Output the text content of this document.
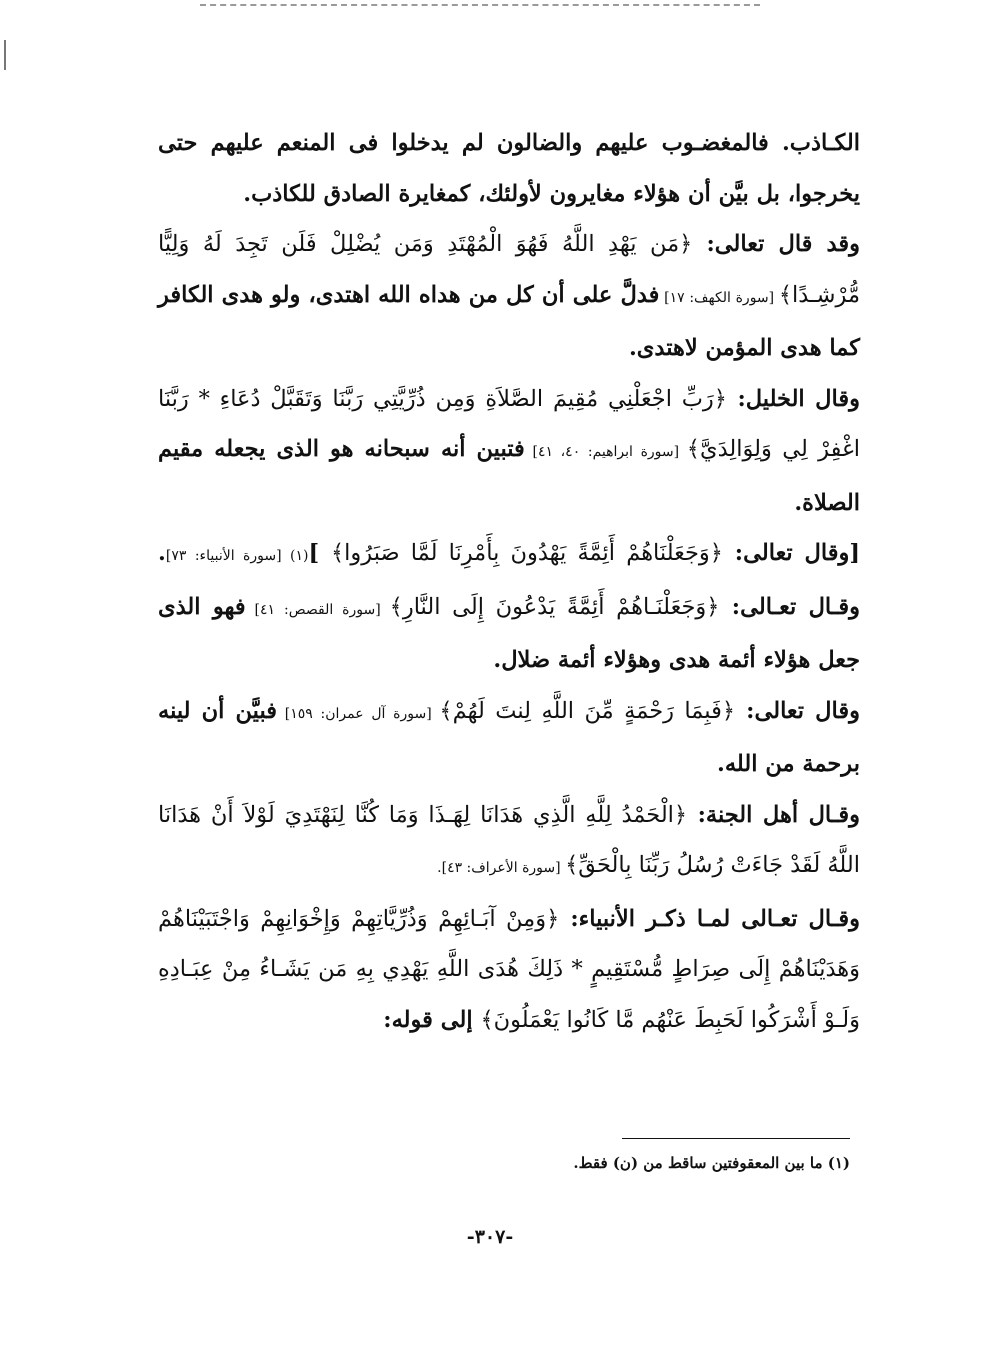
الكـاذب. فالمغضـوب عليهم والضالون لم يدخلوا فى المنعم عليهم حتى يخرجوا، بل بيَّن أن هؤلاء مغايرون لأولئك، كمغايرة الصادق للكاذب.

وقد قال تعالى: ﴿مَن يَهْدِ اللَّهُ فَهُوَ الْمُهْتَدِ وَمَن يُضْلِلْ فَلَن تَجِدَ لَهُ وَلِيًّا مُّرْشِـدًا﴾ [سورة الكهف: ١٧] فدلَّ على أن كل من هداه الله اهتدى، ولو هدى الكافر كما هدى المؤمن لاهتدى.

وقال الخليل: ﴿رَبِّ اجْعَلْنِي مُقِيمَ الصَّلاَةِ وَمِن ذُرِّيَّتِي رَبَّنَا وَتَقَبَّلْ دُعَاءِ * رَبَّنَا اغْفِرْ لِي وَلِوَالِدَيَّ﴾ [سورة ابراهيم: ٤٠، ٤١] فتبين أنه سبحانه هو الذى يجعله مقيم الصلاة.

[وقال تعالى: ﴿وَجَعَلْنَاهُمْ أَئِمَّةً يَهْدُونَ بِأَمْرِنَا لَمَّا صَبَرُوا﴾ ](١) [سورة الأنبياء: ٧٣]. وقـال تعـالى: ﴿وَجَعَلْنَـاهُمْ أَئِمَّةً يَدْعُونَ إِلَى النَّارِ﴾ [سورة القصص: ٤١] فهو الذى جعل هؤلاء أئمة هدى وهؤلاء أئمة ضلال.

وقال تعالى: ﴿فَبِمَا رَحْمَةٍ مِّنَ اللَّهِ لِنتَ لَهُمْ﴾ [سورة آل عمران: ١٥٩] فبيَّن أن لينه برحمة من الله.

وقـال أهل الجنة: ﴿الْحَمْدُ لِلَّهِ الَّذِي هَدَانَا لِهَـذَا وَمَا كُنَّا لِنَهْتَدِيَ لَوْلاَ أَنْ هَدَانَا اللَّهُ لَقَدْ جَاءَتْ رُسُلُ رَبِّنَا بِالْحَقِّ﴾ [سورة الأعراف: ٤٣].

وقـال تعـالى لمـا ذكـر الأنبياء: ﴿وَمِنْ آبَـائِهِمْ وَذُرِّيَّاتِهِمْ وَإِخْوَانِهِمْ وَاجْتَبَيْنَاهُمْ وَهَدَيْنَاهُمْ إِلَى صِرَاطٍ مُّسْتَقِيمٍ * ذَلِكَ هُدَى اللَّهِ يَهْدِي بِهِ مَن يَشَـاءُ مِنْ عِبَـادِهِ وَلَـوْ أَشْرَكُوا لَحَبِطَ عَنْهُم مَّا كَانُوا يَعْمَلُونَ﴾ إلى قوله:

(١) ما بين المعقوفتين ساقط من (ن) فقط.
-٣٠٧-
